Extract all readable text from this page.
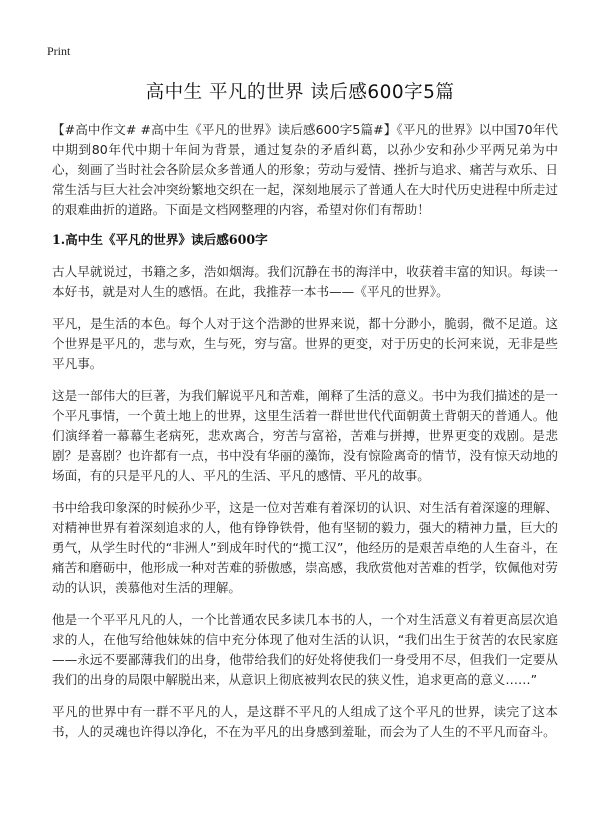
Print
高中生 平凡的世界 读后感600字5篇

【#高中作文# #高中生《平凡的世界》读后感600字5篇#】《平凡的世界》以中国70年代中期到80年代中期十年间为背景，通过复杂的矛盾纠葛，以孙少安和孙少平两兄弟为中心，刻画了当时社会各阶层众多普通人的形象；劳动与爱情、挫折与追求、痛苦与欢乐、日常生活与巨大社会冲突纷繁地交织在一起，深刻地展示了普通人在大时代历史进程中所走过的艰难曲折的道路。下面是文档网整理的内容，希望对你们有帮助！

1.高中生《平凡的世界》读后感600字

古人早就说过，书籍之多，浩如烟海。我们沉静在书的海洋中，收获着丰富的知识。每读一本好书，就是对人生的感悟。在此，我推荐一本书——《平凡的世界》。

平凡，是生活的本色。每个人对于这个浩渺的世界来说，都十分渺小，脆弱，微不足道。这个世界是平凡的，悲与欢，生与死，穷与富。世界的更变，对于历史的长河来说，无非是些平凡事。

这是一部伟大的巨著，为我们解说平凡和苦难，阐释了生活的意义。书中为我们描述的是一个平凡事情，一个黄土地上的世界，这里生活着一群世世代代面朝黄土背朝天的普通人。他们演绎着一幕幕生老病死，悲欢离合，穷苦与富裕，苦难与拼搏，世界更变的戏剧。是悲剧？是喜剧？也许都有一点，书中没有华丽的藻饰，没有惊险离奇的情节，没有惊天动地的场面，有的只是平凡的人、平凡的生活、平凡的感情、平凡的故事。

书中给我印象深的时候孙少平，这是一位对苦难有着深切的认识、对生活有着深邃的理解、对精神世界有着深刻追求的人，他有铮铮铁骨，他有坚韧的毅力，强大的精神力量，巨大的勇气，从学生时代的“非洲人”到成年时代的“揽工汉”，他经历的是艰苦卓绝的人生奋斗，在痛苦和磨砺中，他形成一种对苦难的骄傲感，崇高感，我欣赏他对苦难的哲学，钦佩他对劳动的认识，羡慕他对生活的理解。

他是一个平平凡凡的人，一个比普通农民多读几本书的人，一个对生活意义有着更高层次追求的人，在他写给他妹妹的信中充分体现了他对生活的认识，“我们出生于贫苦的农民家庭——永远不要鄙薄我们的出身，他带给我们的好处将使我们一身受用不尽，但我们一定要从我们的出身的局限中解脱出来，从意识上彻底被判农民的狭义性，追求更高的意义……”

平凡的世界中有一群不平凡的人，是这群不平凡的人组成了这个平凡的世界，读完了这本书，人的灵魂也许得以净化，不在为平凡的出身感到羞耻，而会为了人生的不平凡而奋斗。
